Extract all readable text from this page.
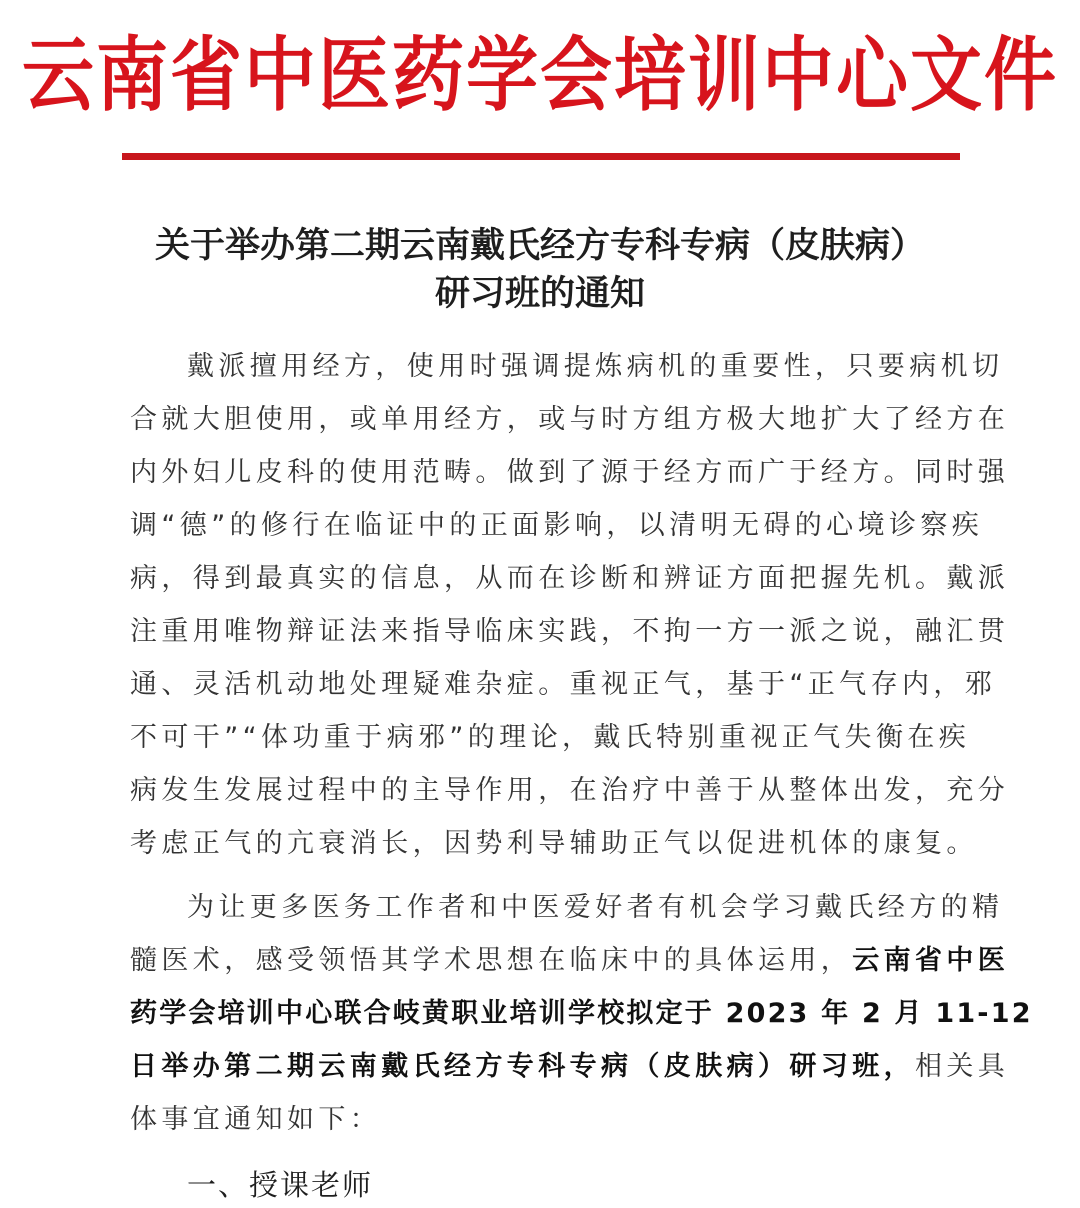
云南省中医药学会培训中心文件
关于举办第二期云南戴氏经方专科专病（皮肤病）
研习班的通知
戴派擅用经方，使用时强调提炼病机的重要性，只要病机切
合就大胆使用，或单用经方，或与时方组方极大地扩大了经方在
内外妇儿皮科的使用范畴。做到了源于经方而广于经方。同时强
调“德”的修行在临证中的正面影响，以清明无碍的心境诊察疾
病，得到最真实的信息，从而在诊断和辨证方面把握先机。戴派
注重用唯物辩证法来指导临床实践，不拘一方一派之说，融汇贯
通、灵活机动地处理疑难杂症。重视正气，基于“正气存内，邪
不可干”“体功重于病邪”的理论，戴氏特别重视正气失衡在疾
病发生发展过程中的主导作用，在治疗中善于从整体出发，充分
考虑正气的亢衰消长，因势利导辅助正气以促进机体的康复。
为让更多医务工作者和中医爱好者有机会学习戴氏经方的精
髓医术，感受领悟其学术思想在临床中的具体运用，云南省中医
药学会培训中心联合岐黄职业培训学校拟定于 2023 年 2 月 11-12
日举办第二期云南戴氏经方专科专病（皮肤病）研习班，相关具
体事宜通知如下：
一、授课老师
